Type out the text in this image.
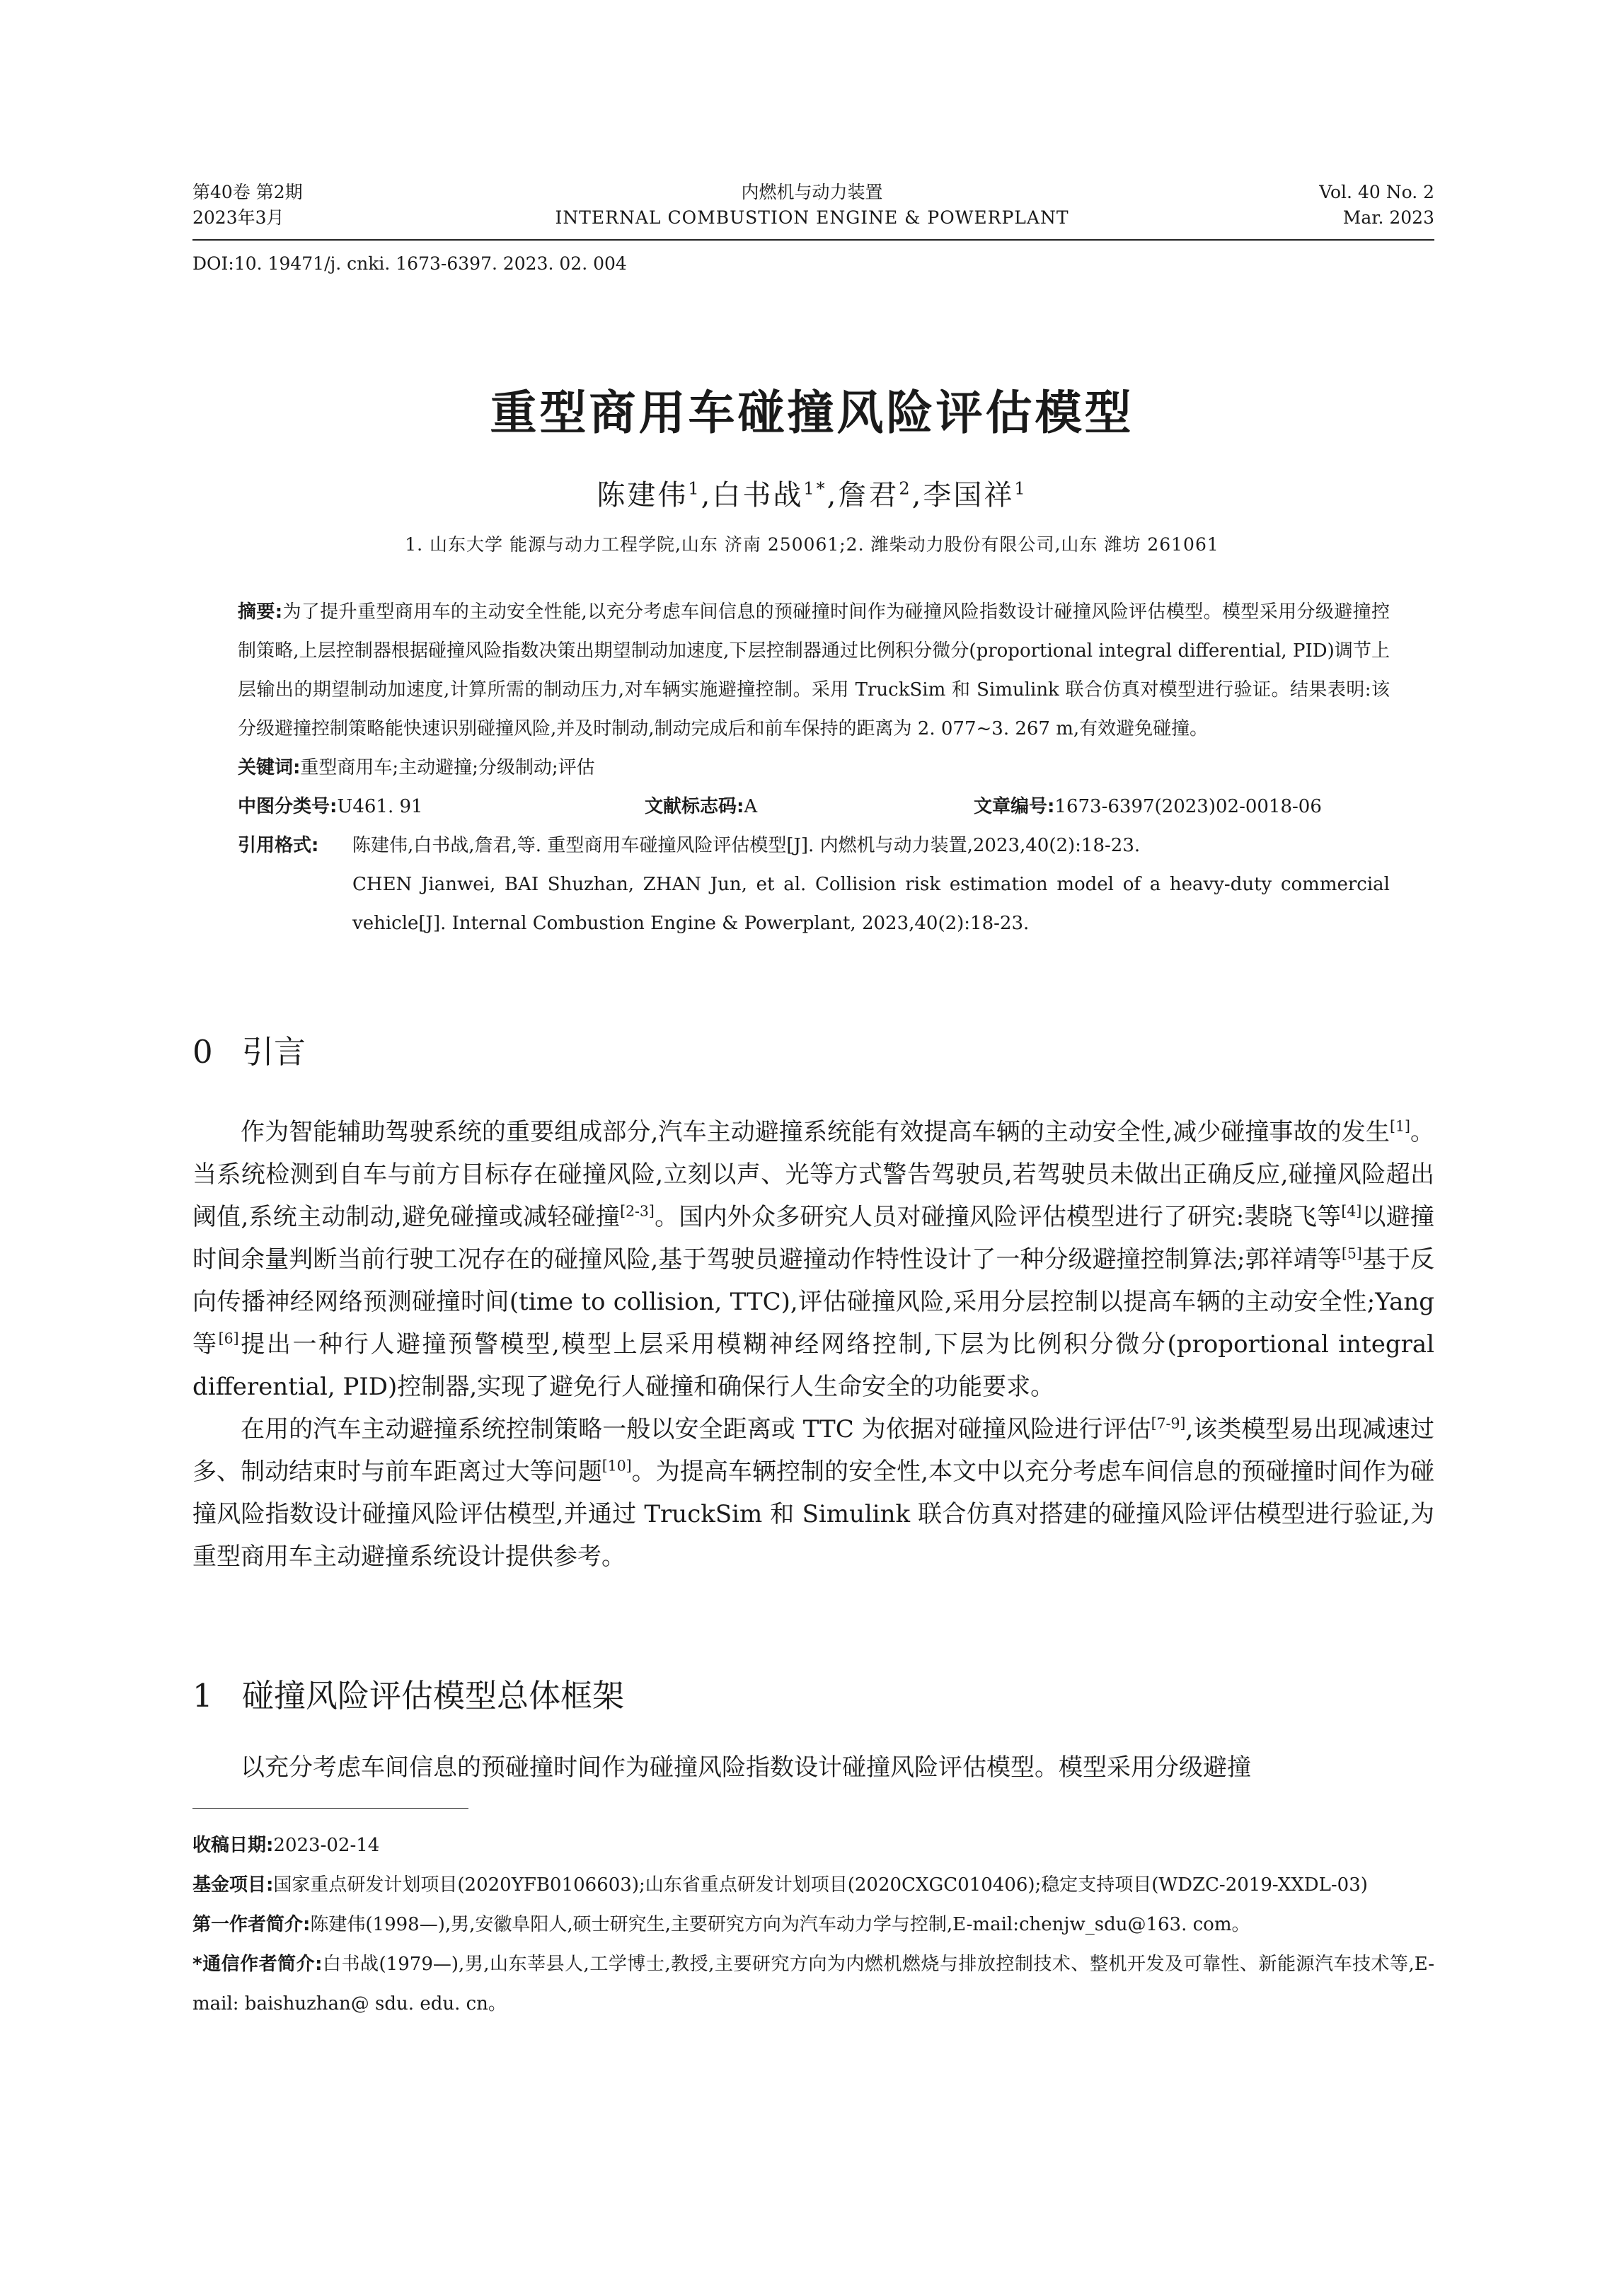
第40卷 第2期
2023年3月
内燃机与动力装置
INTERNAL COMBUSTION ENGINE & POWERPLANT
Vol. 40 No. 2
Mar. 2023
DOI:10. 19471/j. cnki. 1673-6397. 2023. 02. 004
重型商用车碰撞风险评估模型
陈建伟$^1$,白书战$^{1*}$,詹君$^2$,李国祥$^1$
1. 山东大学 能源与动力工程学院,山东 济南 250061;2. 潍柴动力股份有限公司,山东 潍坊 261061
摘要:为了提升重型商用车的主动安全性能,以充分考虑车间信息的预碰撞时间作为碰撞风险指数设计碰撞风险评估模型。模型采用分级避撞控制策略,上层控制器根据碰撞风险指数决策出期望制动加速度,下层控制器通过比例积分微分(proportional integral differential, PID)调节上层输出的期望制动加速度,计算所需的制动压力,对车辆实施避撞控制。采用 TruckSim 和 Simulink 联合仿真对模型进行验证。结果表明:该分级避撞控制策略能快速识别碰撞风险,并及时制动,制动完成后和前车保持的距离为 2. 077~3. 267 m,有效避免碰撞。
关键词:重型商用车;主动避撞;分级制动;评估
中图分类号:U461. 91	文献标志码:A	文章编号:1673-6397(2023)02-0018-06
引用格式: 陈建伟,白书战,詹君,等. 重型商用车碰撞风险评估模型[J]. 内燃机与动力装置,2023,40(2):18-23.
CHEN Jianwei, BAI Shuzhan, ZHAN Jun, et al. Collision risk estimation model of a heavy-duty commercial vehicle[J]. Internal Combustion Engine & Powerplant, 2023,40(2):18-23.
0 引言

作为智能辅助驾驶系统的重要组成部分,汽车主动避撞系统能有效提高车辆的主动安全性,减少碰撞事故的发生[1]。当系统检测到自车与前方目标存在碰撞风险,立刻以声、光等方式警告驾驶员,若驾驶员未做出正确反应,碰撞风险超出阈值,系统主动制动,避免碰撞或减轻碰撞[2-3]。国内外众多研究人员对碰撞风险评估模型进行了研究:裴晓飞等[4]以避撞时间余量判断当前行驶工况存在的碰撞风险,基于驾驶员避撞动作特性设计了一种分级避撞控制算法;郭祥靖等[5]基于反向传播神经网络预测碰撞时间(time to collision, TTC),评估碰撞风险,采用分层控制以提高车辆的主动安全性;Yang 等[6]提出一种行人避撞预警模型,模型上层采用模糊神经网络控制,下层为比例积分微分(proportional integral differential, PID)控制器,实现了避免行人碰撞和确保行人生命安全的功能要求。

在用的汽车主动避撞系统控制策略一般以安全距离或 TTC 为依据对碰撞风险进行评估[7-9],该类模型易出现减速过多、制动结束时与前车距离过大等问题[10]。为提高车辆控制的安全性,本文中以充分考虑车间信息的预碰撞时间作为碰撞风险指数设计碰撞风险评估模型,并通过 TruckSim 和 Simulink 联合仿真对搭建的碰撞风险评估模型进行验证,为重型商用车主动避撞系统设计提供参考。

1 碰撞风险评估模型总体框架

以充分考虑车间信息的预碰撞时间作为碰撞风险指数设计碰撞风险评估模型。模型采用分级避撞

收稿日期:2023-02-14
基金项目:国家重点研发计划项目(2020YFB0106603);山东省重点研发计划项目(2020CXGC010406);稳定支持项目(WDZC-2019-XXDL-03)
第一作者简介:陈建伟(1998—),男,安徽阜阳人,硕士研究生,主要研究方向为汽车动力学与控制,E-mail:chenjw_sdu@163. com。
*通信作者简介:白书战(1979—),男,山东莘县人,工学博士,教授,主要研究方向为内燃机燃烧与排放控制技术、整机开发及可靠性、新能源汽车技术等,E-mail: baishuzhan@ sdu. edu. cn。
